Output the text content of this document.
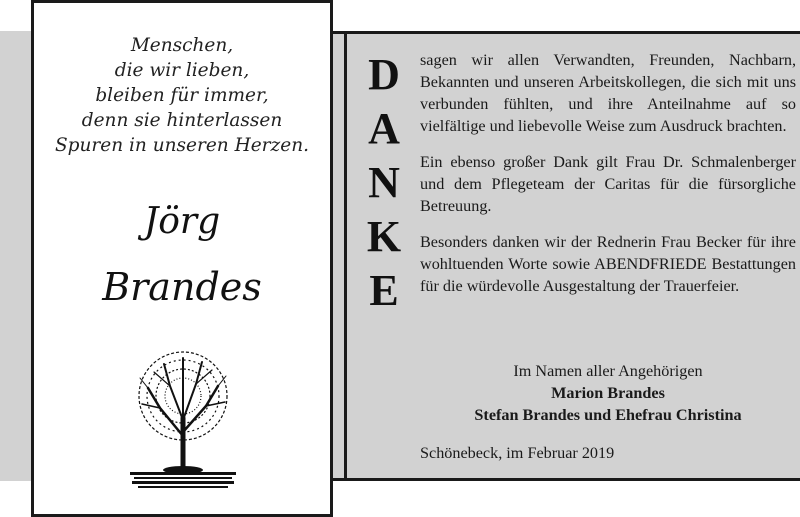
Menschen,
die wir lieben,
bleiben für immer,
denn sie hinterlassen
Spuren in unseren Herzen.
Jörg
Brandes
D
A
N
K
E

sagen wir allen Verwandten, Freunden, Nachbarn, Bekannten und unseren Arbeitskollegen, die sich mit uns verbunden fühlten, und ihre Anteilnahme auf so vielfältige und liebevolle Weise zum Ausdruck brachten.

Ein ebenso großer Dank gilt Frau Dr. Schmalenberger und dem Pflegeteam der Caritas für die fürsorgliche Betreuung.

Besonders danken wir der Rednerin Frau Becker für ihre wohltuenden Worte sowie ABENDFRIEDE Bestattungen für die würdevolle Ausgestaltung der Trauerfeier.

Im Namen aller Angehörigen
Marion Brandes
Stefan Brandes und Ehefrau Christina
Schönebeck, im Februar 2019
